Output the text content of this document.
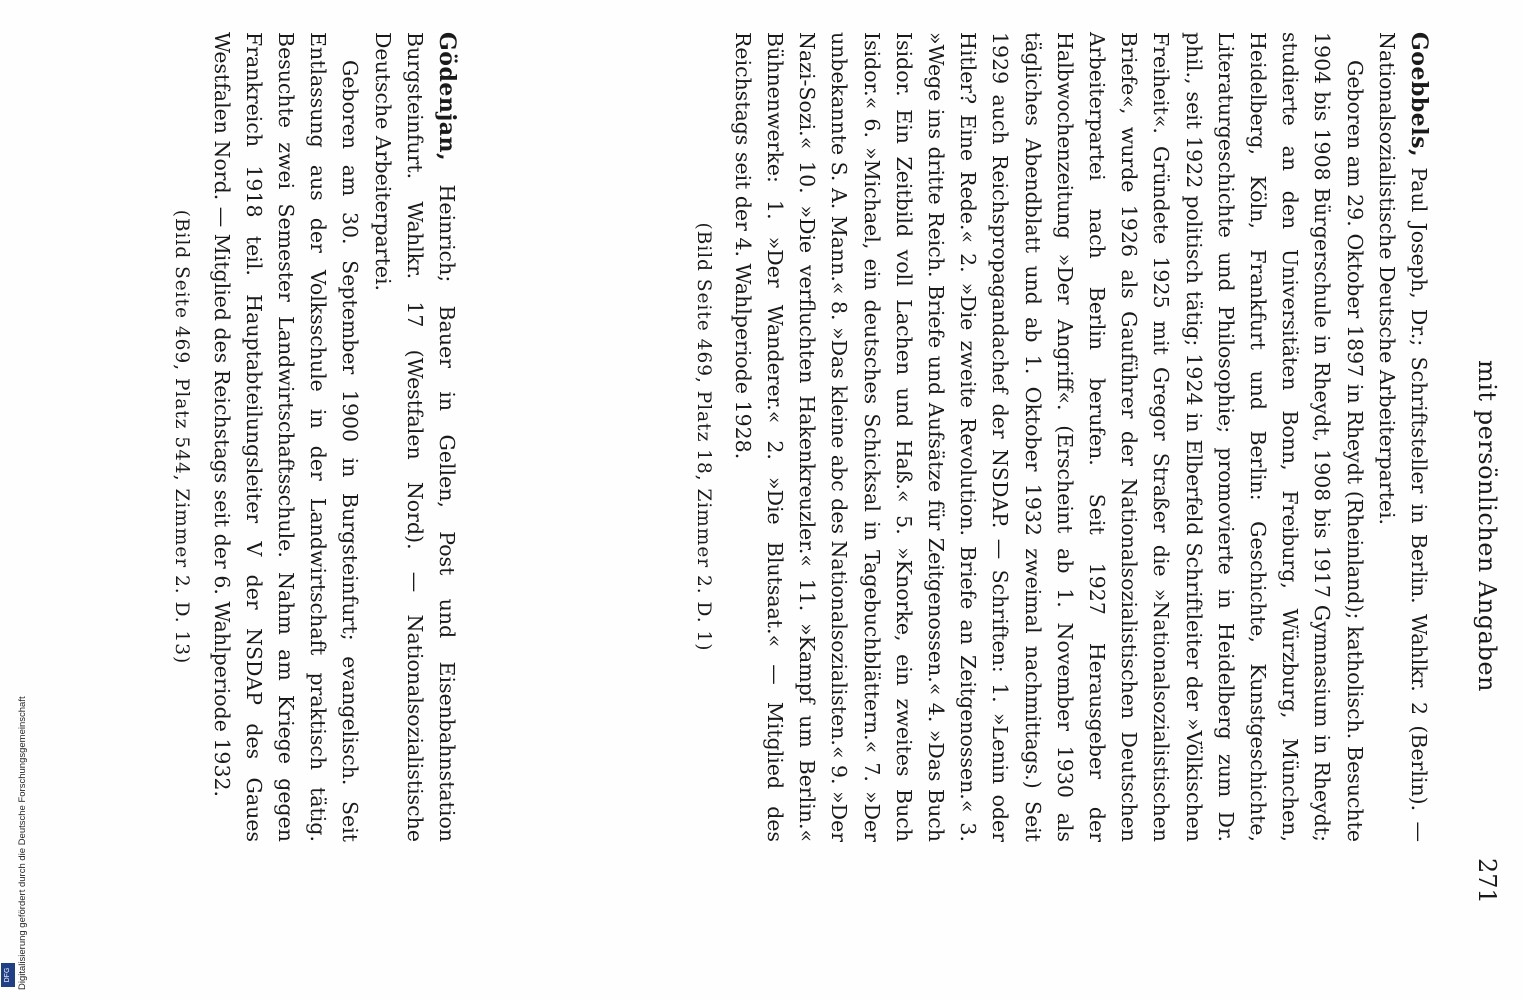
mit persönlichen Angaben
271

Goebbels, Paul Joseph, Dr.; Schriftsteller in Berlin. Wahlkr. 2 (Berlin). — Nationalsozialistische Deutsche Arbeiterpartei.

Geboren am 29. Oktober 1897 in Rheydt (Rheinland); katholisch. Besuchte 1904 bis 1908 Bürgerschule in Rheydt, 1908 bis 1917 Gymnasium in Rheydt; studierte an den Universitäten Bonn, Freiburg, Würzburg, München, Heidelberg, Köln, Frankfurt und Berlin: Geschichte, Kunstgeschichte, Literaturgeschichte und Philosophie; promovierte in Heidelberg zum Dr. phil., seit 1922 politisch tätig; 1924 in Elberfeld Schriftleiter der »Völkischen Freiheit«. Gründete 1925 mit Gregor Straßer die »Nationalsozialistischen Briefe«, wurde 1926 als Gauführer der Nationalsozialistischen Deutschen Arbeiterpartei nach Berlin berufen. Seit 1927 Herausgeber der Halbwochenzeitung »Der Angriff«. (Erscheint ab 1. November 1930 als tägliches Abendblatt und ab 1. Oktober 1932 zweimal nachmittags.) Seit 1929 auch Reichspropagandachef der NSDAP. — Schriften: 1. »Lenin oder Hitler? Eine Rede.« 2. »Die zweite Revolution. Briefe an Zeitgenossen.« 3. »Wege ins dritte Reich. Briefe und Aufsätze für Zeitgenossen.« 4. »Das Buch Isidor. Ein Zeitbild voll Lachen und Haß.« 5. »Knorke, ein zweites Buch Isidor.« 6. »Michael, ein deutsches Schicksal in Tagebuchblättern.« 7. »Der unbekannte S. A. Mann.« 8. »Das kleine abc des Nationalsozialisten.« 9. »Der Nazi-Sozi.« 10. »Die verfluchten Hakenkreuzler.« 11. »Kampf um Berlin.« Bühnenwerke: 1. »Der Wanderer.« 2. »Die Blutsaat.« — Mitglied des Reichstags seit der 4. Wahlperiode 1928.

(Bild Seite 469, Platz 18, Zimmer 2. D. 1)

Gödenjan, Heinrich; Bauer in Gellen, Post und Eisenbahnstation Burgsteinfurt. Wahlkr. 17 (Westfalen Nord). — Nationalsozialistische Deutsche Arbeiterpartei.

Geboren am 30. September 1900 in Burgsteinfurt; evangelisch. Seit Entlassung aus der Volksschule in der Landwirtschaft praktisch tätig. Besuchte zwei Semester Landwirtschaftsschule. Nahm am Kriege gegen Frankreich 1918 teil. Hauptabteilungsleiter V der NSDAP des Gaues Westfalen Nord. — Mitglied des Reichstags seit der 6. Wahlperiode 1932.

(Bild Seite 469, Platz 544, Zimmer 2. D. 13)

Digitalisierung gefördert durch die Deutsche Forschungsgemeinschaft
DFG
